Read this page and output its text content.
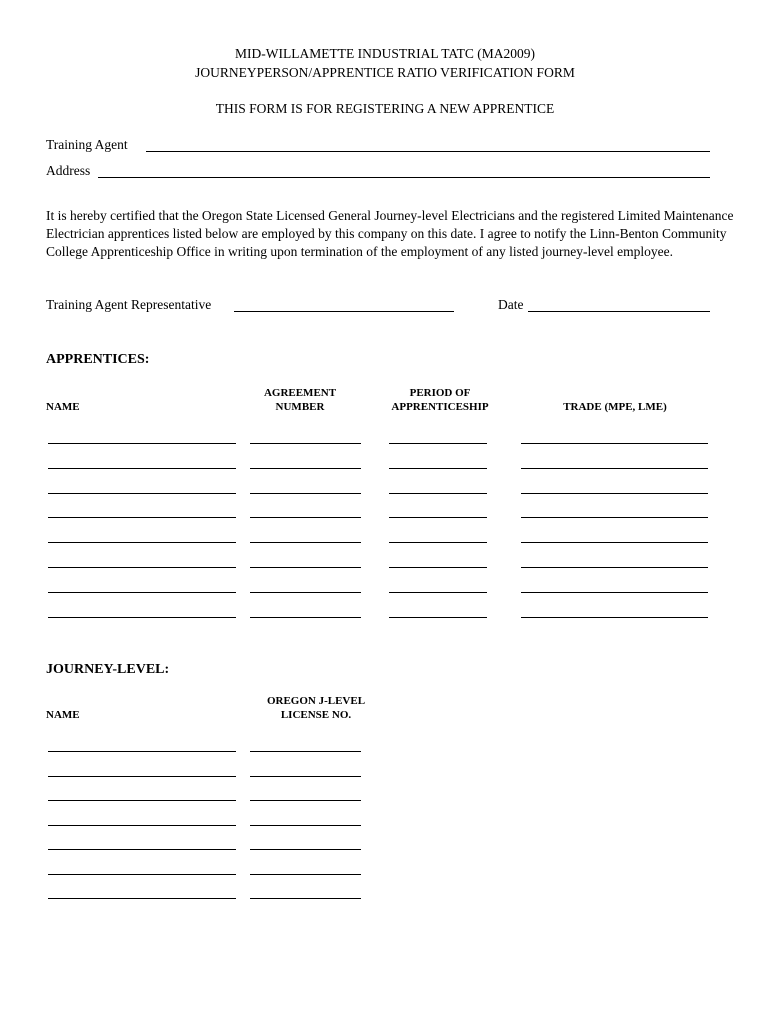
MID-WILLAMETTE INDUSTRIAL TATC (MA2009)
JOURNEYPERSON/APPRENTICE RATIO VERIFICATION FORM
THIS FORM IS FOR REGISTERING A NEW APPRENTICE
Training Agent
Address
It is hereby certified that the Oregon State Licensed General Journey-level Electricians and the registered Limited Maintenance Electrician apprentices listed below are employed by this company on this date. I agree to notify the Linn-Benton Community College Apprenticeship Office in writing upon termination of the employment of any listed journey-level employee.
Training Agent Representative	Date
APPRENTICES:
NAME
AGREEMENT
NUMBER
PERIOD OF
APPRENTICESHIP	TRADE (MPE, LME)
JOURNEY-LEVEL:
NAME
OREGON J-LEVEL
LICENSE NO.
